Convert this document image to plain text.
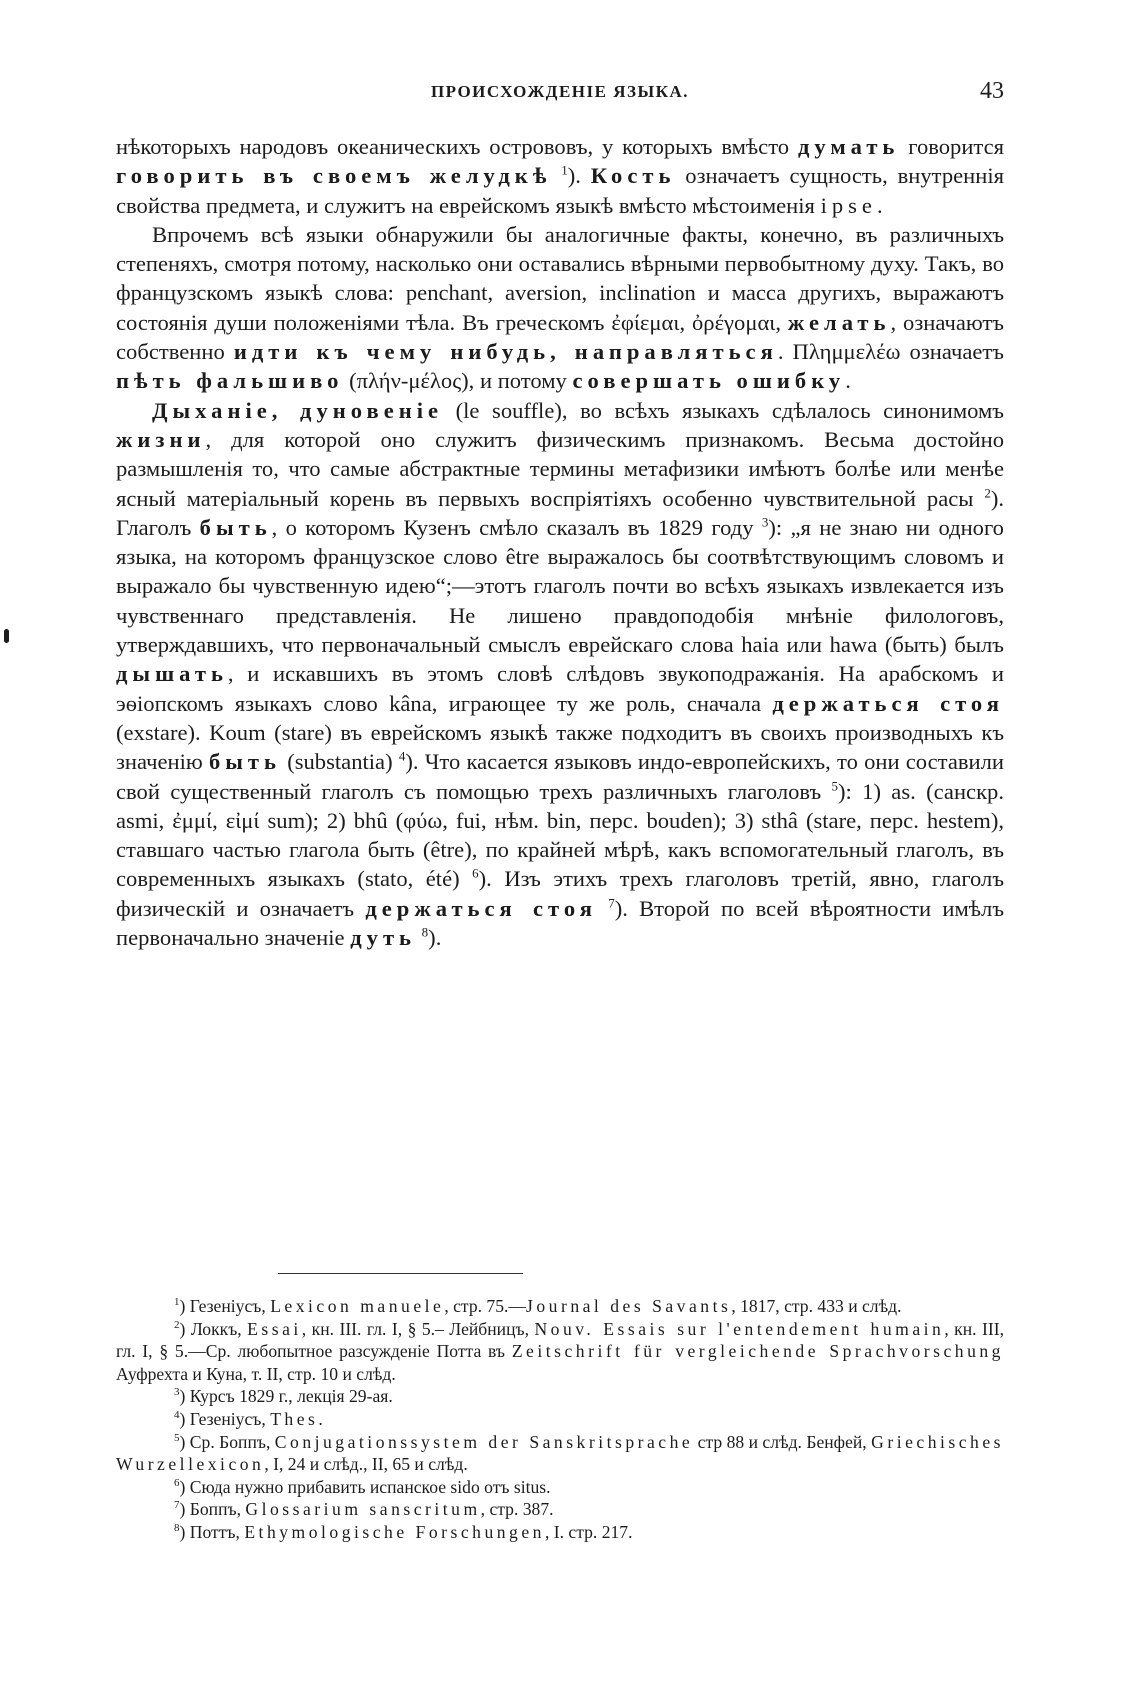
ПРОИСХОЖДЕНІЕ ЯЗЫКА.	43

нѣкоторыхъ народовъ океаническихъ острововъ, у которыхъ вмѣсто думать говорится говорить въ своемъ желудкѣ $^1$). Кость означаетъ сущность, внутреннія свойства предмета, и служитъ на еврейскомъ языкѣ вмѣсто мѣстоименія ipse.

Впрочемъ всѣ языки обнаружили бы аналогичные факты, конечно, въ различныхъ степеняхъ, смотря потому, насколько они оставались вѣрными первобытному духу. Такъ, во французскомъ языкѣ слова: penchant, aversion, inclination и масса другихъ, выражаютъ состоянія души положеніями тѣла. Въ греческомъ ἐφίεμαι, ὀρέγομαι, желать, означаютъ собственно идти къ чему нибудь, направляться. Πλημμελέω означаетъ пѣть фальшиво (πλήν-μέλος), и потому совершать ошибку.

Дыханіе, дуновеніе (le souffle), во всѣхъ языкахъ сдѣлалось синонимомъ жизни, для которой оно служитъ физическимъ признакомъ. Весьма достойно размышленія то, что самые абстрактные термины метафизики имѣютъ болѣе или менѣе ясный матеріальный корень въ первыхъ воспріятіяхъ особенно чувствительной расы $^2$). Глаголъ быть, о которомъ Кузенъ смѣло сказалъ въ 1829 году $^3$): „я не знаю ни одного языка, на которомъ французское слово être выражалось бы соотвѣтствующимъ словомъ и выражало бы чувственную идею“;—этотъ глаголъ почти во всѣхъ языкахъ извлекается изъ чувственнаго представленія. Не лишено правдоподобія мнѣніе филологовъ, утверждавшихъ, что первоначальный смыслъ еврейскаго слова haia или hawa (быть) былъ дышать, и искавшихъ въ этомъ словѣ слѣдовъ звукоподражанія. На арабскомъ и эѳіопскомъ языкахъ слово kâna, играющее ту же роль, сначала держаться стоя (exstare). Koum (stare) въ еврейскомъ языкѣ также подходитъ въ своихъ производныхъ къ значенію быть (substantia) $^4$). Что касается языковъ индо-европейскихъ, то они составили свой существенный глаголъ съ помощью трехъ различныхъ глаголовъ $^5$): 1) as. (санскр. asmi, ἐμμί, εἰμί sum); 2) bhû (φύω, fui, нѣм. bin, перс. bouden); 3) sthâ (stare, перс. hestem), ставшаго частью глагола быть (être), по крайней мѣрѣ, какъ вспомогательный глаголъ, въ современныхъ языкахъ (stato, été) $^6$). Изъ этихъ трехъ глаголовъ третій, явно, глаголъ физическій и означаетъ держаться стоя $^7$). Второй по всей вѣроятности имѣлъ первоначально значеніе дуть $^8$).

$^1$) Гезеніусъ, Lexicon manuele, стр. 75.—Journal des Savants, 1817, стр. 433 и слѣд.

$^2$) Локкъ, Essai, кн. III. гл. I, § 5.– Лейбницъ, Nouv. Essais sur l'entendement humain, кн. III, гл. I, § 5.—Ср. любопытное разсужденіе Потта въ Zeitschrift für vergleichende Sprachvorschung Ауфрехта и Куна, т. II, стр. 10 и слѣд.

$^3$) Курсъ 1829 г., лекція 29-ая.

$^4$) Гезеніусъ, Thes.

$^5$) Ср. Боппъ, Conjugationssystem der Sanskritsprache стр 88 и слѣд. Бенфей, Griechisches Wurzellexicon, I, 24 и слѣд., II, 65 и слѣд.

$^6$) Сюда нужно прибавить испанское sido отъ situs.

$^7$) Боппъ, Glossarium sanscritum, стр. 387.

$^8$) Поттъ, Ethymologische Forschungen, I. стр. 217.
